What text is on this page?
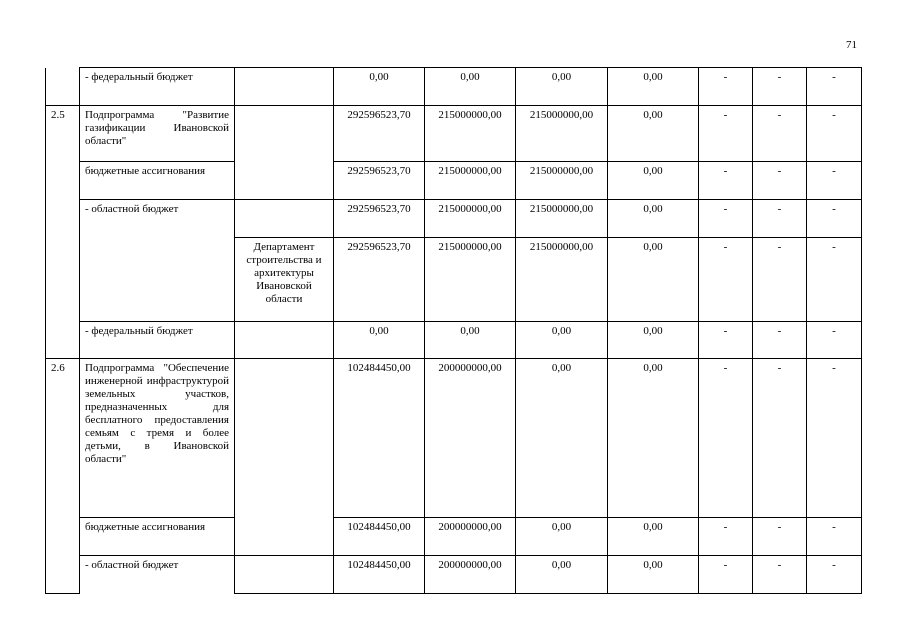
71
	- федеральный бюджет		0,00	0,00	0,00	0,00	-	-	-
2.5	Подпрограмма "Развитие газификации Ивановской области"		292596523,70	215000000,00	215000000,00	0,00	-	-	-
	бюджетные ассигнования		292596523,70	215000000,00	215000000,00	0,00	-	-	-
	- областной бюджет		292596523,70	215000000,00	215000000,00	0,00	-	-	-
		Департамент строительства и архитектуры Ивановской области	292596523,70	215000000,00	215000000,00	0,00	-	-	-
	- федеральный бюджет		0,00	0,00	0,00	0,00	-	-	-
2.6	Подпрограмма "Обеспечение инженерной инфраструктурой земельных участков, предназначенных для бесплатного предоставления семьям с тремя и более детьми, в Ивановской области"		102484450,00	200000000,00	0,00	0,00	-	-	-
	бюджетные ассигнования		102484450,00	200000000,00	0,00	0,00	-	-	-
	- областной бюджет		102484450,00	200000000,00	0,00	0,00	-	-	-
